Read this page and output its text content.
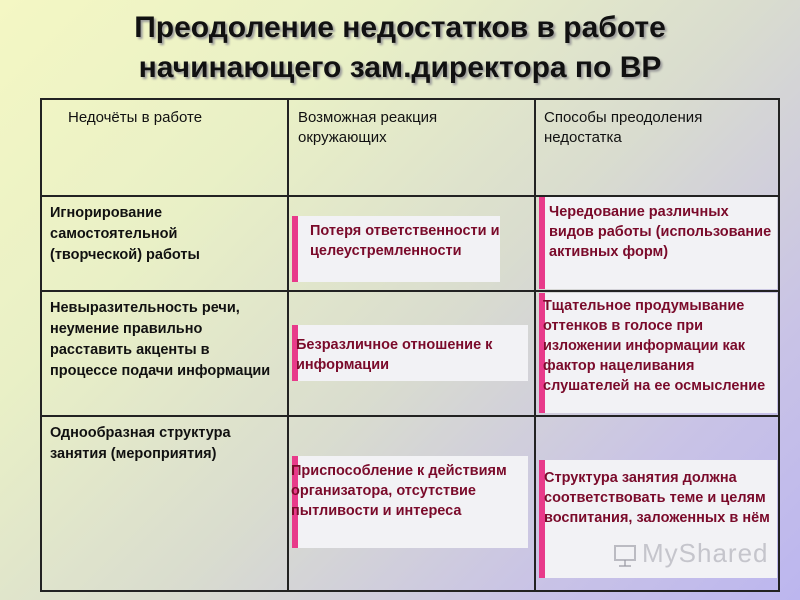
Преодоление недостатков в работе
начинающего зам.директора по ВР
Недочёты в работе	Возможная реакция окружающих
Способы преодоления недостатка
Игнорирование самостоятельной (творческой) работы
Потеря ответственности и целеустремленности
Чередование различных видов работы (использование активных форм)
Невыразительность речи, неумение правильно расставить акценты в процессе подачи информации
Безразличное отношение к информации
Тщательное продумывание оттенков в голосе при изложении информации как фактор нацеливания слушателей на ее осмысление
Однообразная структура занятия (мероприятия)
Приспособление к действиям организатора, отсутствие пытливости и интереса
Структура занятия должна соответствовать теме и целям воспитания, заложенных в нём
MyShared
